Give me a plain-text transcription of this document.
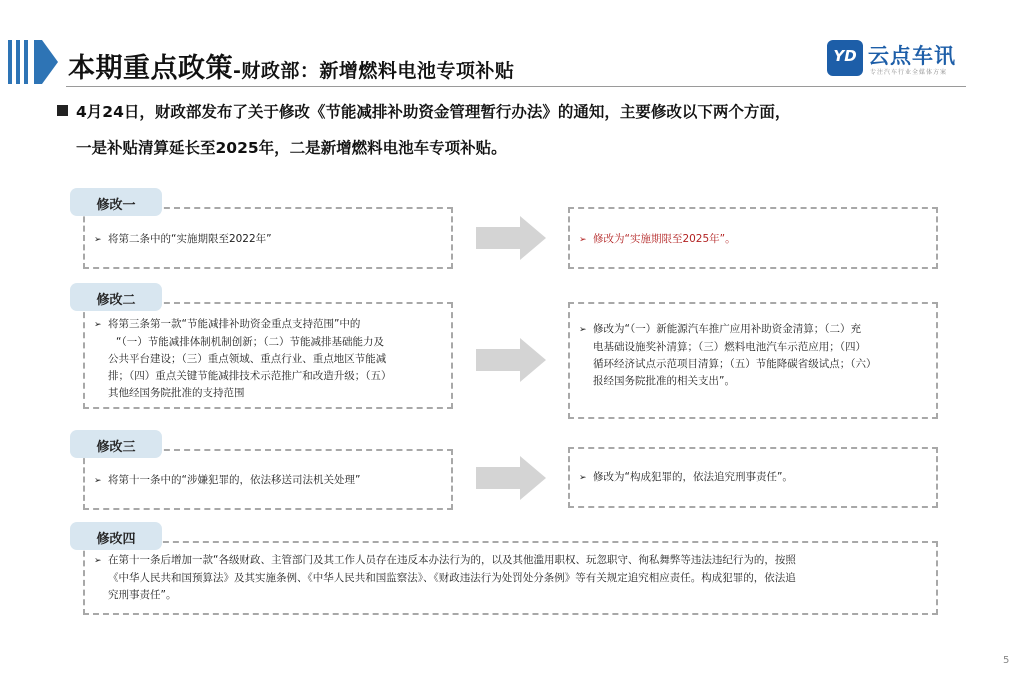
本期重点政策-财政部：新增燃料电池专项补贴
YD 云点车讯
专注汽车行业全媒体方案
4月24日，财政部发布了关于修改《节能减排补助资金管理暂行办法》的通知，主要修改以下两个方面，
一是补贴清算延长至2025年，二是新增燃料电池车专项补贴。
➢ 将第二条中的“实施期限至2022年”
修改一
➢ 修改为“实施期限至2025年”。
➢ 将第三条第一款“节能减排补助资金重点支持范围”中的
“（一）节能减排体制机制创新；（二）节能减排基础能力及
公共平台建设；（三）重点领域、重点行业、重点地区节能减
排；（四）重点关键节能减排技术示范推广和改造升级；（五）
其他经国务院批准的支持范围
修改二
➢ 修改为“（一）新能源汽车推广应用补助资金清算；（二）充
电基础设施奖补清算；（三）燃料电池汽车示范应用；（四）
循环经济试点示范项目清算；（五）节能降碳省级试点；（六）
报经国务院批准的相关支出”。
➢ 将第十一条中的“涉嫌犯罪的，依法移送司法机关处理”
修改三
➢ 修改为“构成犯罪的，依法追究刑事责任”。
➢ 在第十一条后增加一款“各级财政、主管部门及其工作人员存在违反本办法行为的，以及其他滥用职权、玩忽职守、徇私舞弊等违法违纪行为的，按照
《中华人民共和国预算法》及其实施条例、《中华人民共和国监察法》、《财政违法行为处罚处分条例》等有关规定追究相应责任。构成犯罪的，依法追
究刑事责任”。
修改四
5
